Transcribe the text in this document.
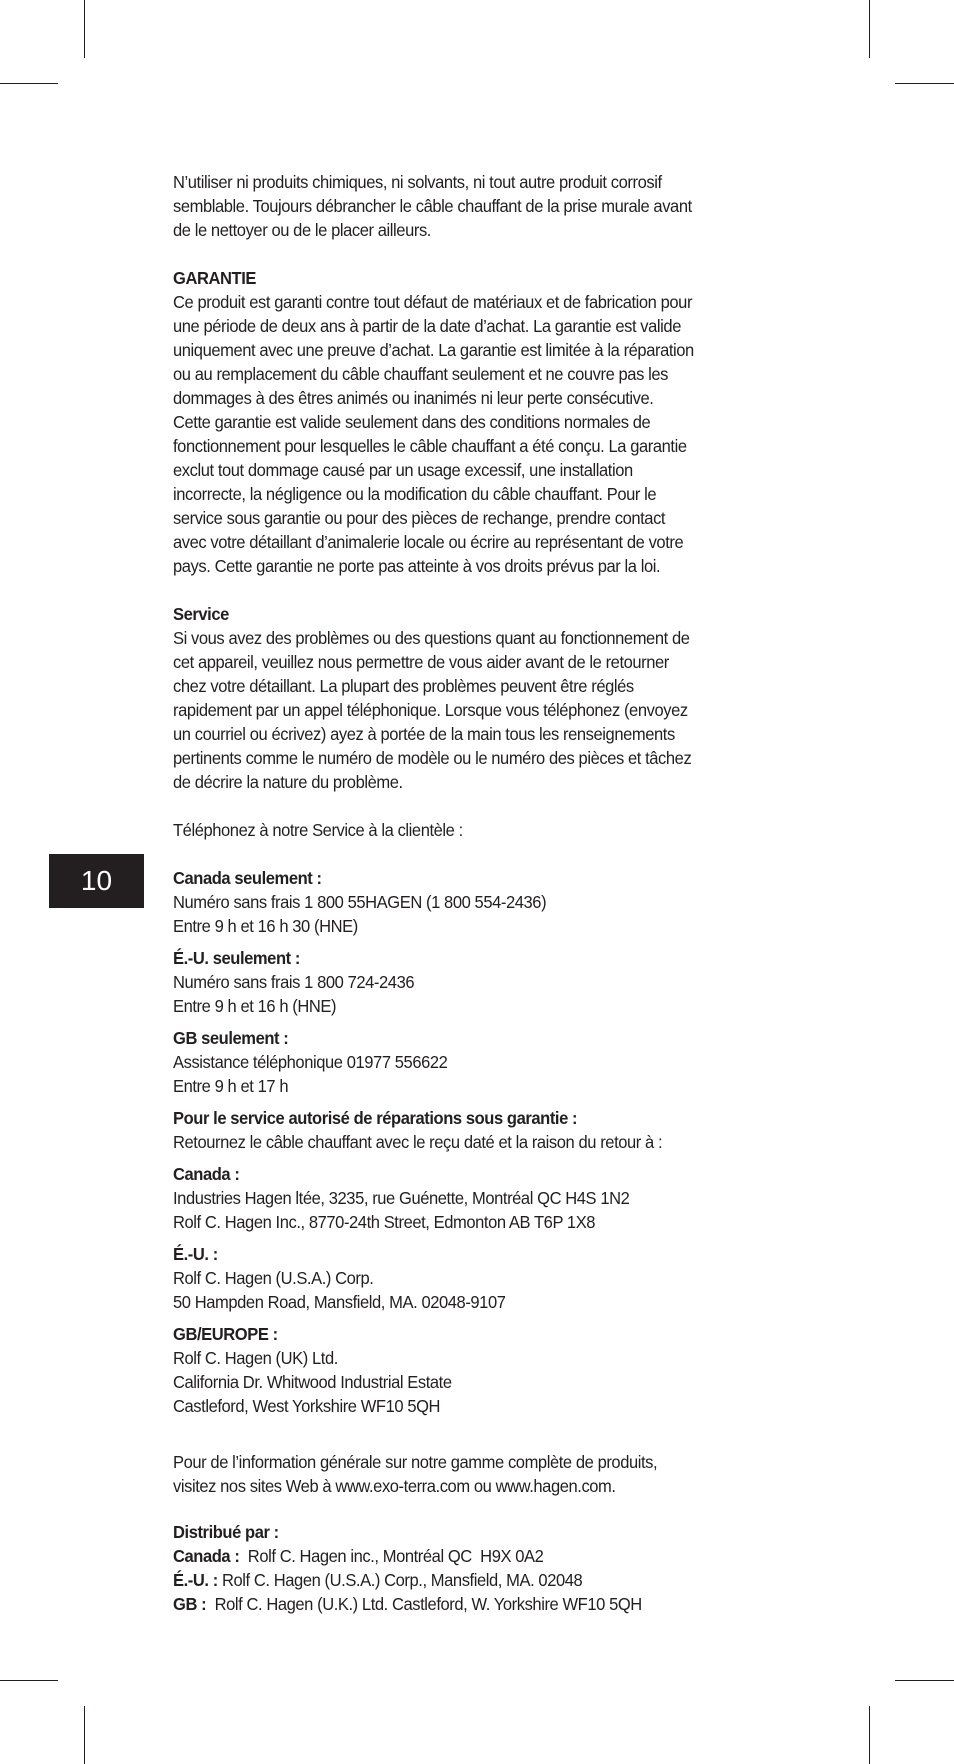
10
N’utiliser ni produits chimiques, ni solvants, ni tout autre produit corrosif
semblable. Toujours débrancher le câble chauffant de la prise murale avant
de le nettoyer ou de le placer ailleurs.
GARANTIE
Ce produit est garanti contre tout défaut de matériaux et de fabrication pour
une période de deux ans à partir de la date d’achat. La garantie est valide
uniquement avec une preuve d’achat. La garantie est limitée à la réparation
ou au remplacement du câble chauffant seulement et ne couvre pas les
dommages à des êtres animés ou inanimés ni leur perte consécutive.
Cette garantie est valide seulement dans des conditions normales de
fonctionnement pour lesquelles le câble chauffant a été conçu. La garantie
exclut tout dommage causé par un usage excessif, une installation
incorrecte, la négligence ou la modification du câble chauffant. Pour le
service sous garantie ou pour des pièces de rechange, prendre contact
avec votre détaillant d’animalerie locale ou écrire au représentant de votre
pays. Cette garantie ne porte pas atteinte à vos droits prévus par la loi.
Service
Si vous avez des problèmes ou des questions quant au fonctionnement de
cet appareil, veuillez nous permettre de vous aider avant de le retourner
chez votre détaillant. La plupart des problèmes peuvent être réglés
rapidement par un appel téléphonique. Lorsque vous téléphonez (envoyez
un courriel ou écrivez) ayez à portée de la main tous les renseignements
pertinents comme le numéro de modèle ou le numéro des pièces et tâchez
de décrire la nature du problème.
Téléphonez à notre Service à la clientèle :
Canada seulement :
Numéro sans frais 1 800 55HAGEN (1 800 554-2436)
Entre 9 h et 16 h 30 (HNE)
É.-U. seulement :
Numéro sans frais 1 800 724-2436
Entre 9 h et 16 h (HNE)
GB seulement :
Assistance téléphonique 01977 556622
Entre 9 h et 17 h
Pour le service autorisé de réparations sous garantie :
Retournez le câble chauffant avec le reçu daté et la raison du retour à :
Canada :
Industries Hagen ltée, 3235, rue Guénette, Montréal QC H4S 1N2
Rolf C. Hagen Inc., 8770-24th Street, Edmonton AB T6P 1X8
É.-U. :
Rolf C. Hagen (U.S.A.) Corp.
50 Hampden Road, Mansfield, MA. 02048-9107
GB/EUROPE :
Rolf C. Hagen (UK) Ltd.
California Dr. Whitwood Industrial Estate
Castleford, West Yorkshire WF10 5QH
Pour de l’information générale sur notre gamme complète de produits,
visitez nos sites Web à www.exo-terra.com ou www.hagen.com.
Distribué par :
Canada :  Rolf C. Hagen inc., Montréal QC  H9X 0A2
É.-U. : Rolf C. Hagen (U.S.A.) Corp., Mansfield, MA. 02048
GB :  Rolf C. Hagen (U.K.) Ltd. Castleford, W. Yorkshire WF10 5QH
